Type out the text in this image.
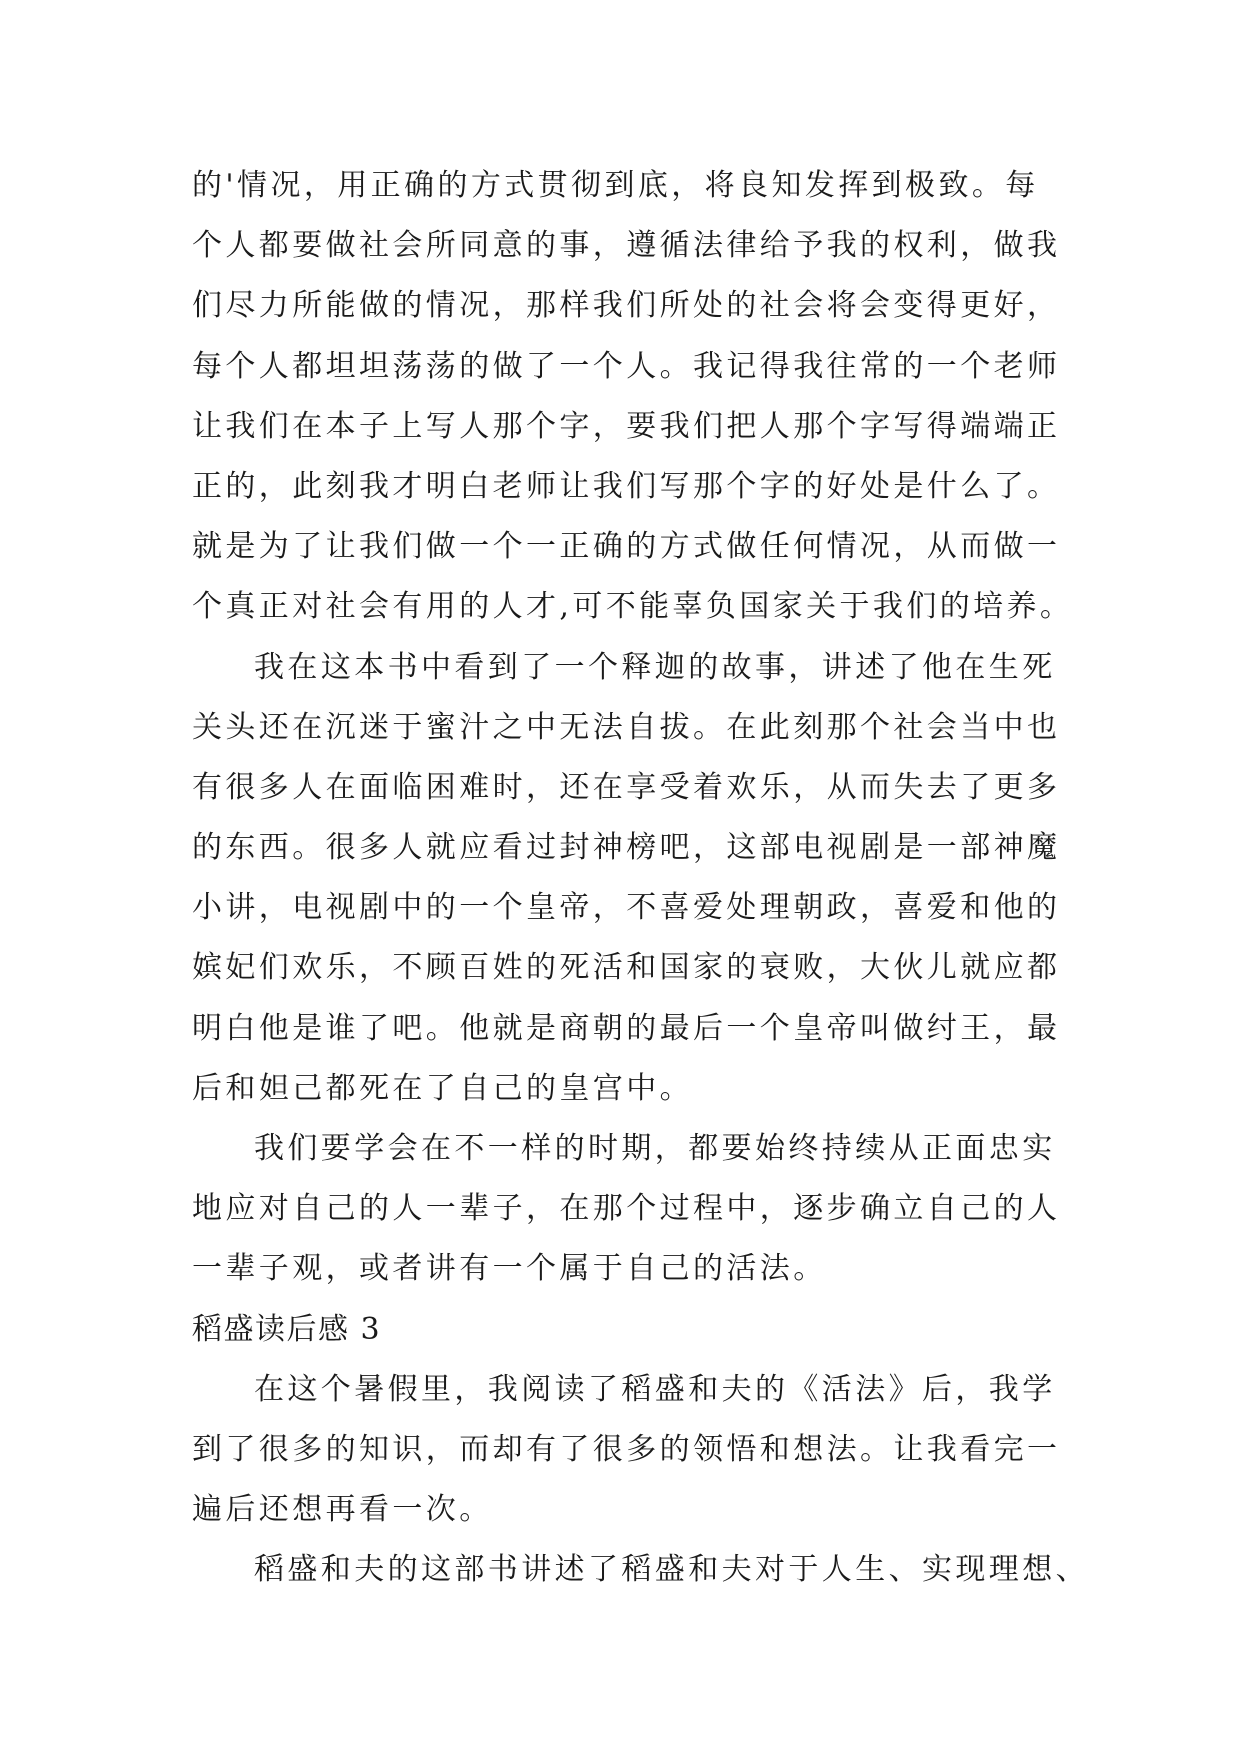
的'情况，用正确的方式贯彻到底，将良知发挥到极致。每
个人都要做社会所同意的事，遵循法律给予我的权利，做我
们尽力所能做的情况，那样我们所处的社会将会变得更好，
每个人都坦坦荡荡的做了一个人。我记得我往常的一个老师
让我们在本子上写人那个字，要我们把人那个字写得端端正
正的，此刻我才明白老师让我们写那个字的好处是什么了。
就是为了让我们做一个一正确的方式做任何情况，从而做一
个真正对社会有用的人才,可不能辜负国家关于我们的培养。
我在这本书中看到了一个释迦的故事，讲述了他在生死
关头还在沉迷于蜜汁之中无法自拔。在此刻那个社会当中也
有很多人在面临困难时，还在享受着欢乐，从而失去了更多
的东西。很多人就应看过封神榜吧，这部电视剧是一部神魔
小讲，电视剧中的一个皇帝，不喜爱处理朝政，喜爱和他的
嫔妃们欢乐，不顾百姓的死活和国家的衰败，大伙儿就应都
明白他是谁了吧。他就是商朝的最后一个皇帝叫做纣王，最
后和妲己都死在了自己的皇宫中。
我们要学会在不一样的时期，都要始终持续从正面忠实
地应对自己的人一辈子，在那个过程中，逐步确立自己的人
一辈子观，或者讲有一个属于自己的活法。
稻盛读后感 3
在这个暑假里，我阅读了稻盛和夫的《活法》后，我学
到了很多的知识，而却有了很多的领悟和想法。让我看完一
遍后还想再看一次。
稻盛和夫的这部书讲述了稻盛和夫对于人生、实现理想、
